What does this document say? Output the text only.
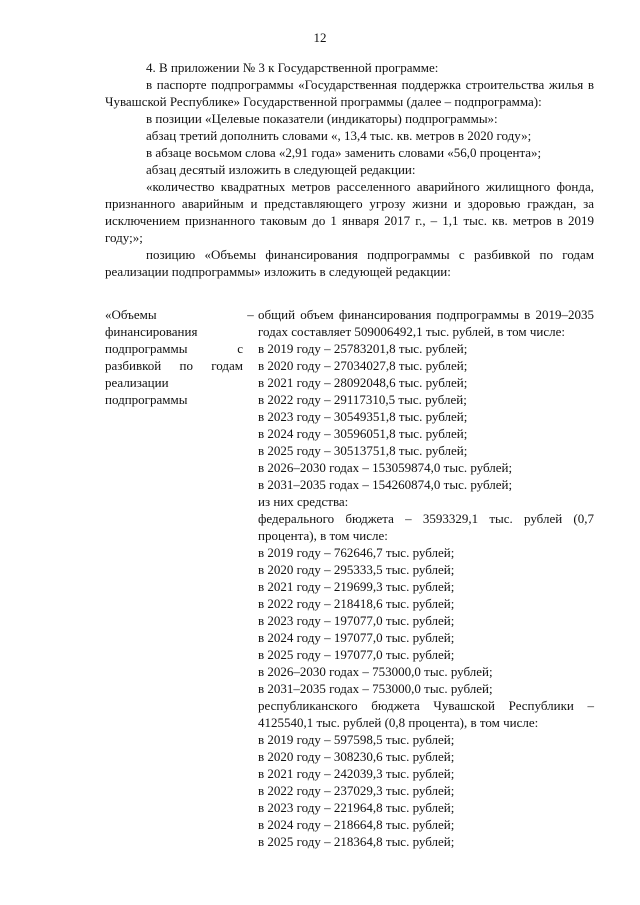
12

4. В приложении № 3 к Государственной программе:

в паспорте подпрограммы «Государственная поддержка строительства жилья в Чувашской Республике» Государственной программы (далее – подпрограмма):

в позиции «Целевые показатели (индикаторы) подпрограммы»:

абзац третий дополнить словами «, 13,4 тыс. кв. метров в 2020 году»;

в абзаце восьмом слова «2,91 года» заменить словами «56,0 процента»;

абзац десятый изложить в следующей редакции:

«количество квадратных метров расселенного аварийного жилищного фонда, признанного аварийным и представляющего угрозу жизни и здоровью граждан, за исключением признанного таковым до 1 января 2017 г., – 1,1 тыс. кв. метров в 2019 году;»;

позицию «Объемы финансирования подпрограммы с разбивкой по годам реализации подпрограммы» изложить в следующей редакции:

«Объемы финансирования подпрограммы с разбивкой по годам реализации подпрограммы
– общий объем финансирования подпрограммы в 2019–2035 годах составляет 509006492,1 тыс. рублей, в том числе:
в 2019 году – 25783201,8 тыс. рублей;
в 2020 году – 27034027,8 тыс. рублей;
в 2021 году – 28092048,6 тыс. рублей;
в 2022 году – 29117310,5 тыс. рублей;
в 2023 году – 30549351,8 тыс. рублей;
в 2024 году – 30596051,8 тыс. рублей;
в 2025 году – 30513751,8 тыс. рублей;
в 2026–2030 годах – 153059874,0 тыс. рублей;
в 2031–2035 годах – 154260874,0 тыс. рублей;
из них средства:
федерального бюджета – 3593329,1 тыс. рублей (0,7 процента), в том числе:
в 2019 году – 762646,7 тыс. рублей;
в 2020 году – 295333,5 тыс. рублей;
в 2021 году – 219699,3 тыс. рублей;
в 2022 году – 218418,6 тыс. рублей;
в 2023 году – 197077,0 тыс. рублей;
в 2024 году – 197077,0 тыс. рублей;
в 2025 году – 197077,0 тыс. рублей;
в 2026–2030 годах – 753000,0 тыс. рублей;
в 2031–2035 годах – 753000,0 тыс. рублей;
республиканского бюджета Чувашской Республики – 4125540,1 тыс. рублей (0,8 процента), в том числе:
в 2019 году – 597598,5 тыс. рублей;
в 2020 году – 308230,6 тыс. рублей;
в 2021 году – 242039,3 тыс. рублей;
в 2022 году – 237029,3 тыс. рублей;
в 2023 году – 221964,8 тыс. рублей;
в 2024 году – 218664,8 тыс. рублей;
в 2025 году – 218364,8 тыс. рублей;
